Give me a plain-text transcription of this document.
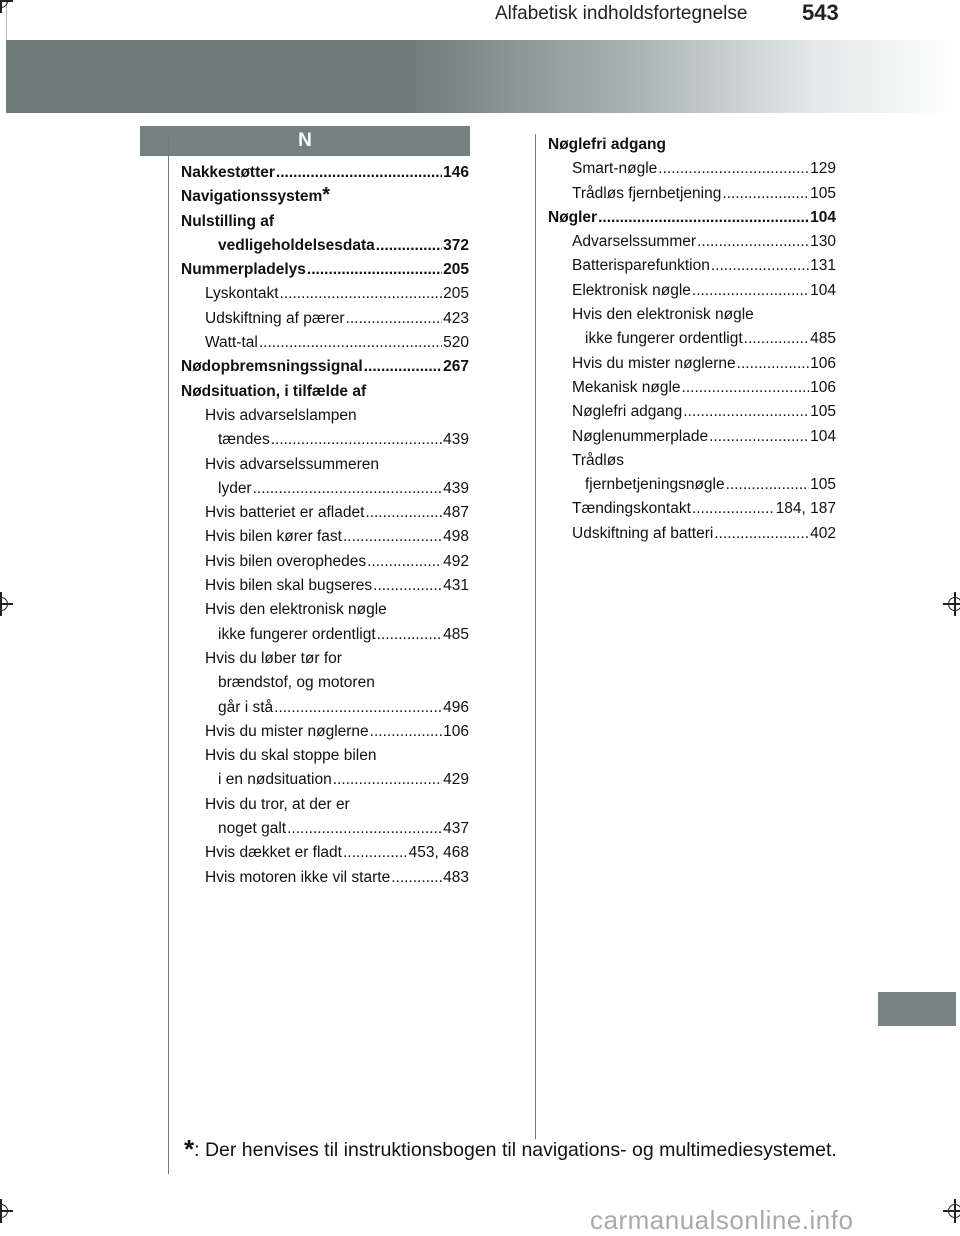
Alfabetisk indholdsfortegnelse 543
N
Nakkestøtter .....	146
Navigationssystem *
Nulstilling af
vedligeholdelsesdata .....	372
Nummerpladelys .....	205
Lyskontakt .....	205
Udskiftning af pærer .....	423
Watt-tal .....	520
Nødopbremsningssignal .....	267
Nødsituation, i tilfælde af
Hvis advarselslampen
tændes .....	439
Hvis advarselssummeren
lyder .....	439
Hvis batteriet er afladet .....	487
Hvis bilen kører fast .....	498
Hvis bilen overophedes .....	492
Hvis bilen skal bugseres .....	431
Hvis den elektronisk nøgle
ikke fungerer ordentligt .....	485
Hvis du løber tør for
brændstof, og motoren
går i stå .....	496
Hvis du mister nøglerne .....	106
Hvis du skal stoppe bilen
i en nødsituation .....	429
Hvis du tror, at der er
noget galt .....	437
Hvis dækket er fladt .....	453, 468
Hvis motoren ikke vil starte .....	483
Nøglefri adgang
Smart-nøgle .....	129
Trådløs fjernbetjening .....	105
Nøgler .....	104
Advarselssummer .....	130
Batterisparefunktion .....	131
Elektronisk nøgle .....	104
Hvis den elektronisk nøgle
ikke fungerer ordentligt .....	485
Hvis du mister nøglerne .....	106
Mekanisk nøgle .....	106
Nøglefri adgang .....	105
Nøglenummerplade .....	104
Trådløs
fjernbetjeningsnøgle .....	105
Tændingskontakt .....	184, 187
Udskiftning af batteri .....	402
*: Der henvises til instruktionsbogen til navigations- og multimediesystemet.
carmanualsonline.info
